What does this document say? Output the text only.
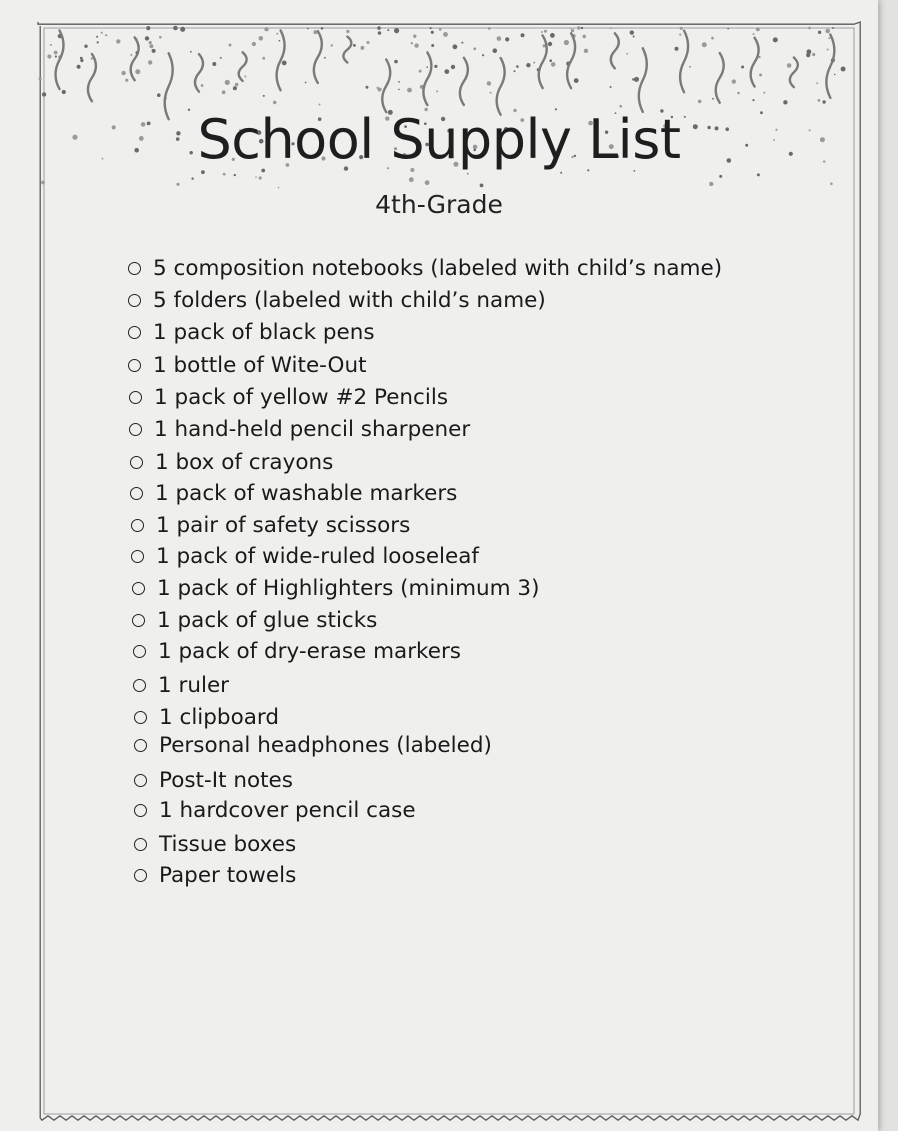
School Supply List
4th-Grade
5 composition notebooks (labeled with child’s name)
5 folders (labeled with child’s name)
1 pack of black pens
1 bottle of Wite-Out
1 pack of yellow #2 Pencils
1 hand-held pencil sharpener
1 box of crayons
1 pack of washable markers
1 pair of safety scissors
1 pack of wide-ruled looseleaf
1 pack of Highlighters (minimum 3)
1 pack of glue sticks
1 pack of dry-erase markers
1 ruler
1 clipboard
Personal headphones (labeled)
Post-It notes
1 hardcover pencil case
Tissue boxes
Paper towels
